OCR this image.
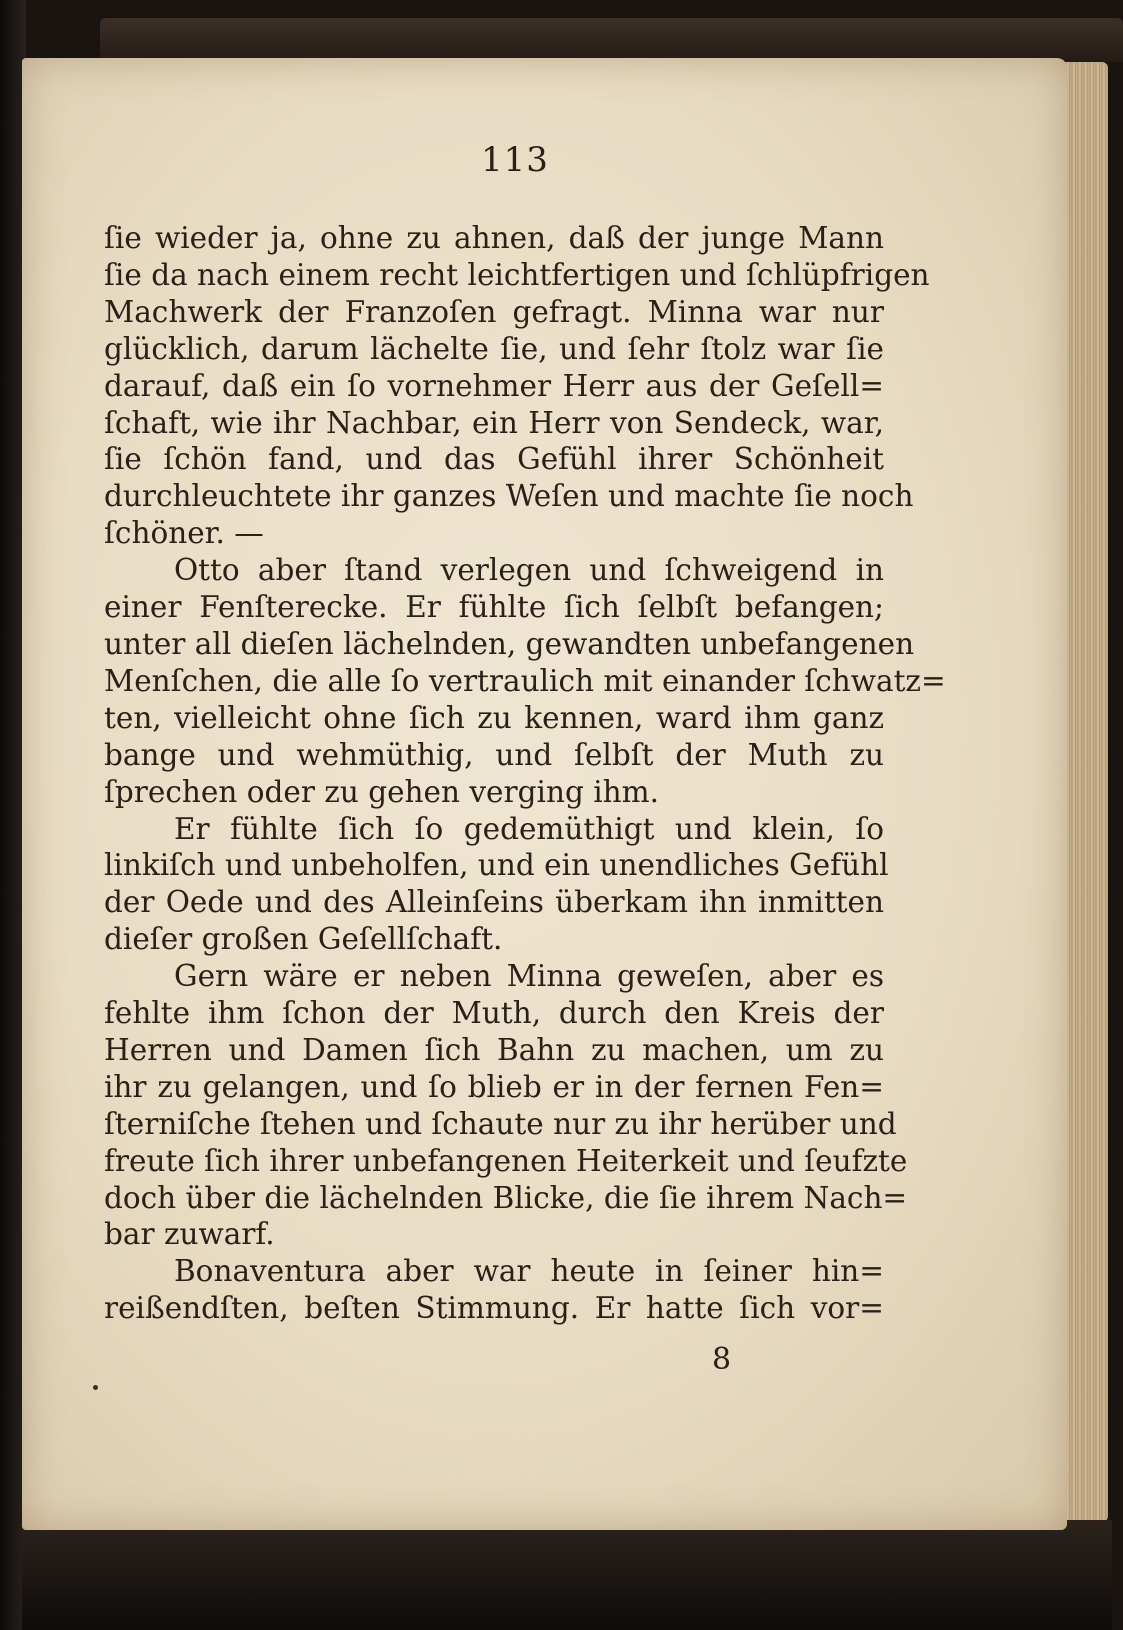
113
ſie wieder ja, ohne zu ahnen, daß der junge Mann
ſie da nach einem recht leichtfertigen und ſchlüpfrigen
Machwerk der Franzoſen gefragt. Minna war nur
glücklich, darum lächelte ſie, und ſehr ſtolz war ſie
darauf, daß ein ſo vornehmer Herr aus der Geſell=
ſchaft, wie ihr Nachbar, ein Herr von Sendeck, war,
ſie ſchön fand, und das Gefühl ihrer Schönheit
durchleuchtete ihr ganzes Weſen und machte ſie noch
ſchöner. —
Otto aber ſtand verlegen und ſchweigend in
einer Fenſterecke. Er fühlte ſich ſelbſt befangen;
unter all dieſen lächelnden, gewandten unbefangenen
Menſchen, die alle ſo vertraulich mit einander ſchwatz=
ten, vielleicht ohne ſich zu kennen, ward ihm ganz
bange und wehmüthig, und ſelbſt der Muth zu
ſprechen oder zu gehen verging ihm.
Er fühlte ſich ſo gedemüthigt und klein, ſo
linkiſch und unbeholfen, und ein unendliches Gefühl
der Oede und des Alleinſeins überkam ihn inmitten
dieſer großen Geſellſchaft.
Gern wäre er neben Minna geweſen, aber es
fehlte ihm ſchon der Muth, durch den Kreis der
Herren und Damen ſich Bahn zu machen, um zu
ihr zu gelangen, und ſo blieb er in der fernen Fen=
ſterniſche ſtehen und ſchaute nur zu ihr herüber und
freute ſich ihrer unbefangenen Heiterkeit und ſeufzte
doch über die lächelnden Blicke, die ſie ihrem Nach=
bar zuwarf.
Bonaventura aber war heute in ſeiner hin=
reißendſten, beſten Stimmung. Er hatte ſich vor=
8
